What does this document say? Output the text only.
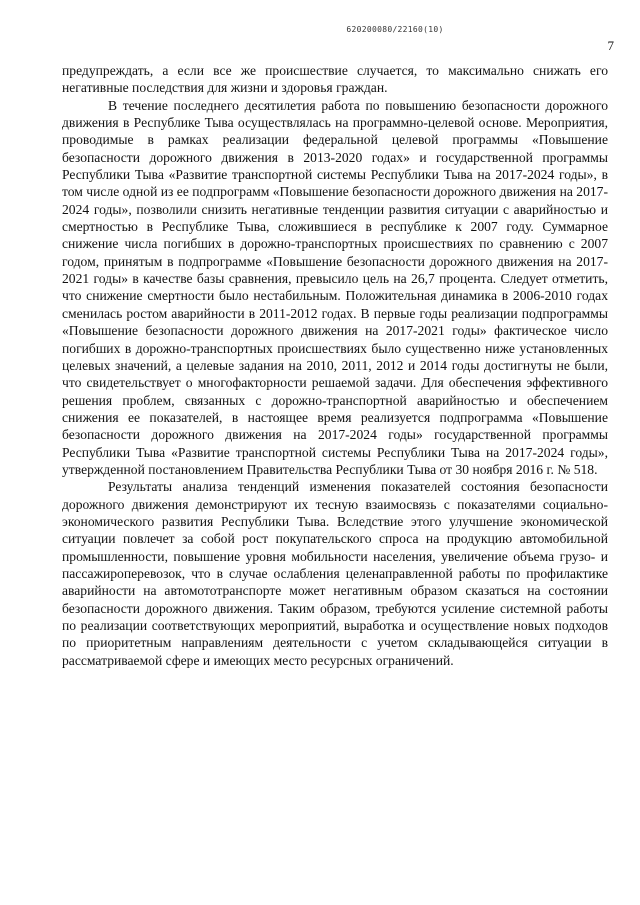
620200080/22160(10)
7

предупреждать, а если все же происшествие случается, то максимально снижать его негативные последствия для жизни и здоровья граждан.

В течение последнего десятилетия работа по повышению безопасности дорожного движения в Республике Тыва осуществлялась на программно-целевой основе. Мероприятия, проводимые в рамках реализации федеральной целевой программы «Повышение безопасности дорожного движения в 2013-2020 годах» и государственной программы Республики Тыва «Развитие транспортной системы Республики Тыва на 2017-2024 годы», в том числе одной из ее подпрограмм «Повышение безопасности дорожного движения на 2017-2024 годы», позволили снизить негативные тенденции развития ситуации с аварийностью и смертностью в Республике Тыва, сложившиеся в республике к 2007 году. Суммарное снижение числа погибших в дорожно-транспортных происшествиях по сравнению с 2007 годом, принятым в подпрограмме «Повышение безопасности дорожного движения на 2017-2021 годы» в качестве базы сравнения, превысило цель на 26,7 процента. Следует отметить, что снижение смертности было нестабильным. Положительная динамика в 2006-2010 годах сменилась ростом аварийности в 2011-2012 годах. В первые годы реализации подпрограммы «Повышение безопасности дорожного движения на 2017-2021 годы» фактическое число погибших в дорожно-транспортных происшествиях было существенно ниже установленных целевых значений, а целевые задания на 2010, 2011, 2012 и 2014 годы достигнуты не были, что свидетельствует о многофакторности решаемой задачи. Для обеспечения эффективного решения проблем, связанных с дорожно-транспортной аварийностью и обеспечением снижения ее показателей, в настоящее время реализуется подпрограмма «Повышение безопасности дорожного движения на 2017-2024 годы» государственной программы Республики Тыва «Развитие транспортной системы Республики Тыва на 2017-2024 годы», утвержденной постановлением Правительства Республики Тыва от 30 ноября 2016 г. № 518.

Результаты анализа тенденций изменения показателей состояния безопасности дорожного движения демонстрируют их тесную взаимосвязь с показателями социально-экономического развития Республики Тыва. Вследствие этого улучшение экономической ситуации повлечет за собой рост покупательского спроса на продукцию автомобильной промышленности, повышение уровня мобильности населения, увеличение объема грузо- и пассажироперевозок, что в случае ослабления целенаправленной работы по профилактике аварийности на автомототранспорте может негативным образом сказаться на состоянии безопасности дорожного движения. Таким образом, требуются усиление системной работы по реализации соответствующих мероприятий, выработка и осуществление новых подходов по приоритетным направлениям деятельности с учетом складывающейся ситуации в рассматриваемой сфере и имеющих место ресурсных ограничений.
